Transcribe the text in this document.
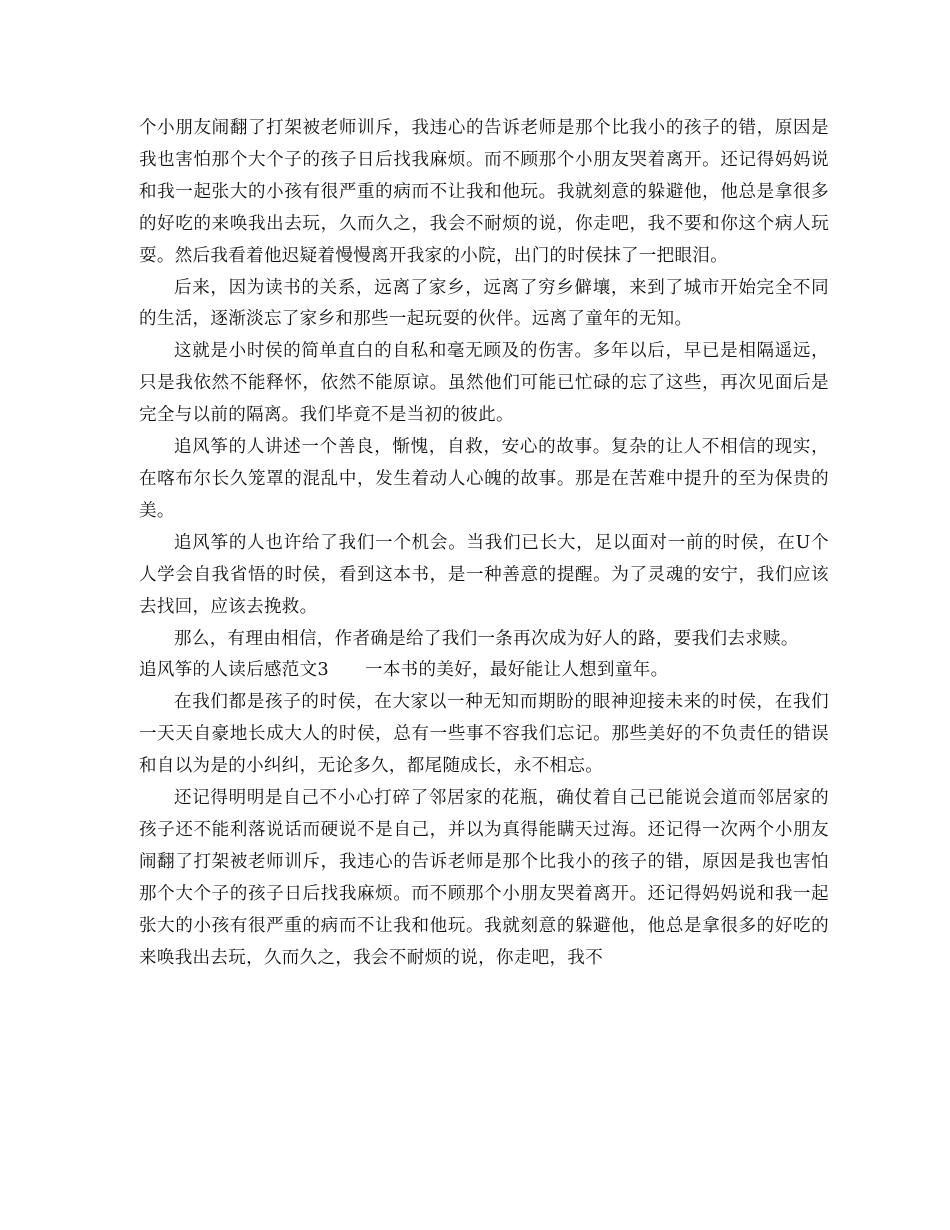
个小朋友闹翻了打架被老师训斥，我违心的告诉老师是那个比我小的孩子的错，原因是我也害怕那个大个子的孩子日后找我麻烦。而不顾那个小朋友哭着离开。还记得妈妈说和我一起张大的小孩有很严重的病而不让我和他玩。我就刻意的躲避他，他总是拿很多的好吃的来唤我出去玩，久而久之，我会不耐烦的说，你走吧，我不要和你这个病人玩耍。然后我看着他迟疑着慢慢离开我家的小院，出门的时侯抹了一把眼泪。

后来，因为读书的关系，远离了家乡，远离了穷乡僻壤，来到了城市开始完全不同的生活，逐渐淡忘了家乡和那些一起玩耍的伙伴。远离了童年的无知。

这就是小时侯的简单直白的自私和毫无顾及的伤害。多年以后，早已是相隔遥远，只是我依然不能释怀，依然不能原谅。虽然他们可能已忙碌的忘了这些，再次见面后是完全与以前的隔离。我们毕竟不是当初的彼此。

追风筝的人讲述一个善良，惭愧，自救，安心的故事。复杂的让人不相信的现实，在喀布尔长久笼罩的混乱中，发生着动人心魄的故事。那是在苦难中提升的至为保贵的美。

追风筝的人也许给了我们一个机会。当我们已长大，足以面对一前的时侯，在U个人学会自我省悟的时侯，看到这本书，是一种善意的提醒。为了灵魂的安宁，我们应该去找回，应该去挽救。

那么，有理由相信，作者确是给了我们一条再次成为好人的路，要我们去求赎。

追风筝的人读后感范文3 一本书的美好，最好能让人想到童年。

在我们都是孩子的时侯，在大家以一种无知而期盼的眼神迎接未来的时侯，在我们一天天自豪地长成大人的时侯，总有一些事不容我们忘记。那些美好的不负责任的错误和自以为是的小纠纠，无论多久，都尾随成长，永不相忘。

还记得明明是自己不小心打碎了邻居家的花瓶，确仗着自己已能说会道而邻居家的孩子还不能利落说话而硬说不是自己，并以为真得能瞒天过海。还记得一次两个小朋友闹翻了打架被老师训斥，我违心的告诉老师是那个比我小的孩子的错，原因是我也害怕那个大个子的孩子日后找我麻烦。而不顾那个小朋友哭着离开。还记得妈妈说和我一起张大的小孩有很严重的病而不让我和他玩。我就刻意的躲避他，他总是拿很多的好吃的来唤我出去玩，久而久之，我会不耐烦的说，你走吧，我不
